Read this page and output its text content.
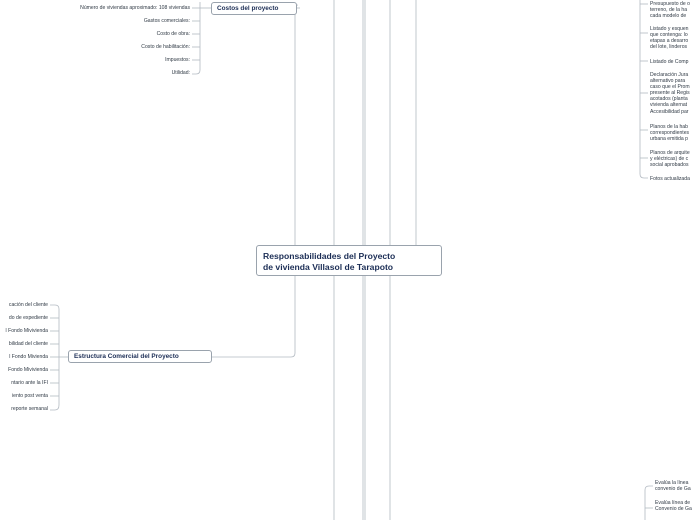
Responsabilidades del Proyecto
de vivienda Villasol de Tarapoto
Costos del proyecto
Número de viviendas aproximado: 108 viviendas
Gastos comerciales:
Costo de obra:
Costo de habilitación:
Impuestos:
Utilidad:
Estructura Comercial del Proyecto
cación del cliente
do de expediente
l Fondo Mivivienda
bilidad del cliente
l Fondo Mivienda
Fondo Mivivienda
ntario ante la IFI
iento post venta
reporte semanal
Presupuesto de o
terreno, de la ha
cada modelo de
Listado y esquen
que contenga: lo
etapas a desarro
del lote, linderos
Listado de Comp
Declaración Jura
alternativo para
caso que el Prom
presente al Regis
acotados (planta
vivienda alternat
Accesibilidad par
Planos de la hab
correspondientes
urbana emitida p
Planos de arquite
y eléctricas) de c
social aprobados
Fotos actualizada
Evalúa la línea
convenio de Ga
Evalúa línea de
Convenio de Ga
